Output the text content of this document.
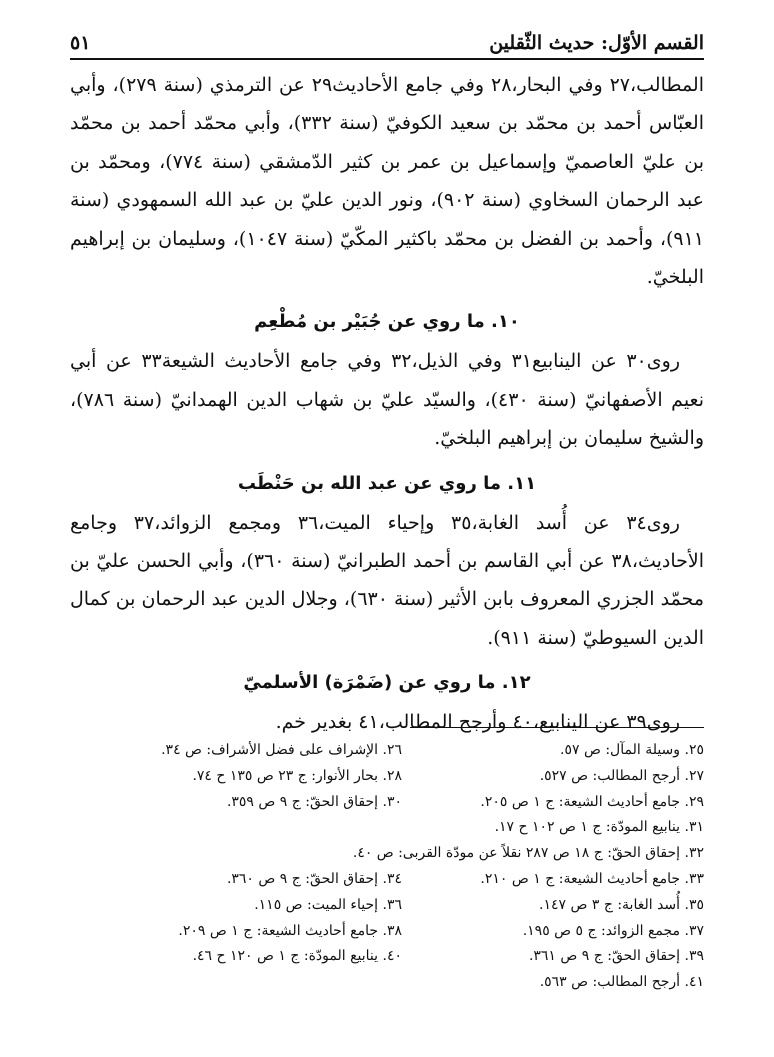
القسم الأوّل: حديث الثّقلين
٥١

المطالب،٢٧ وفي البحار،٢٨ وفي جامع الأحاديث٢٩ عن الترمذي (سنة ٢٧٩)، وأبي العبّاس أحمد بن محمّد بن سعيد الكوفيّ (سنة ٣٣٢)، وأبي محمّد أحمد بن محمّد بن عليّ العاصميّ وإسماعيل بن عمر بن كثير الدّمشقي (سنة ٧٧٤)، ومحمّد بن عبد الرحمان السخاوي (سنة ٩٠٢)، ونور الدين عليّ بن عبد الله السمهودي (سنة ٩١١)، وأحمد بن الفضل بن محمّد باكثير المكّيّ (سنة ١٠٤٧)، وسليمان بن إبراهيم البلخيّ.

١٠. ما روي عن جُبَيْر بن مُطْعِم

روى٣٠ عن الينابيع٣١ وفي الذيل،٣٢ وفي جامع الأحاديث الشيعة٣٣ عن أبي نعيم الأصفهانيّ (سنة ٤٣٠)، والسيّد عليّ بن شهاب الدين الهمدانيّ (سنة ٧٨٦)، والشيخ سليمان بن إبراهيم البلخيّ.

١١. ما روي عن عبد الله بن حَنْطَب

روى٣٤ عن أُسد الغابة،٣٥ وإحياء الميت،٣٦ ومجمع الزوائد،٣٧ وجامع الأحاديث،٣٨ عن أبي القاسم بن أحمد الطبرانيّ (سنة ٣٦٠)، وأبي الحسن عليّ بن محمّد الجزري المعروف بابن الأثير (سنة ٦٣٠)، وجلال الدين عبد الرحمان بن كمال الدين السيوطيّ (سنة ٩١١).

١٢. ما روي عن (ضَمْرَة) الأسلميّ

روى٣٩ عن الينابيع،٤٠ وأرجح المطالب،٤١ بغدير خم.

٢٥. وسيلة المآل: ص ٥٧.
٢٦. الإشراف على فضل الأشراف: ص ٣٤.
٢٧. أرجح المطالب: ص ٥٢٧.
٢٨. بحار الأنوار: ج ٢٣ ص ١٣٥ ح ٧٤.
٢٩. جامع أحاديث الشيعة: ج ١ ص ٢٠٥.
٣٠. إحقاق الحقّ: ج ٩ ص ٣٥٩.
٣١. ينابيع المودّة: ج ١ ص ١٠٢ ح ١٧.
٣٢. إحقاق الحقّ: ج ١٨ ص ٢٨٧ نقلاً عن مودّة القربى: ص ٤٠.
٣٣. جامع أحاديث الشيعة: ج ١ ص ٢١٠.
٣٤. إحقاق الحقّ: ج ٩ ص ٣٦٠.
٣٥. أُسد الغابة: ج ٣ ص ١٤٧.
٣٦. إحياء الميت: ص ١١٥.
٣٧. مجمع الزوائد: ج ٥ ص ١٩٥.
٣٨. جامع أحاديث الشيعة: ج ١ ص ٢٠٩.
٣٩. إحقاق الحقّ: ج ٩ ص ٣٦١.
٤٠. ينابيع المودّة: ج ١ ص ١٢٠ ح ٤٦.
٤١. أرجح المطالب: ص ٥٦٣.
